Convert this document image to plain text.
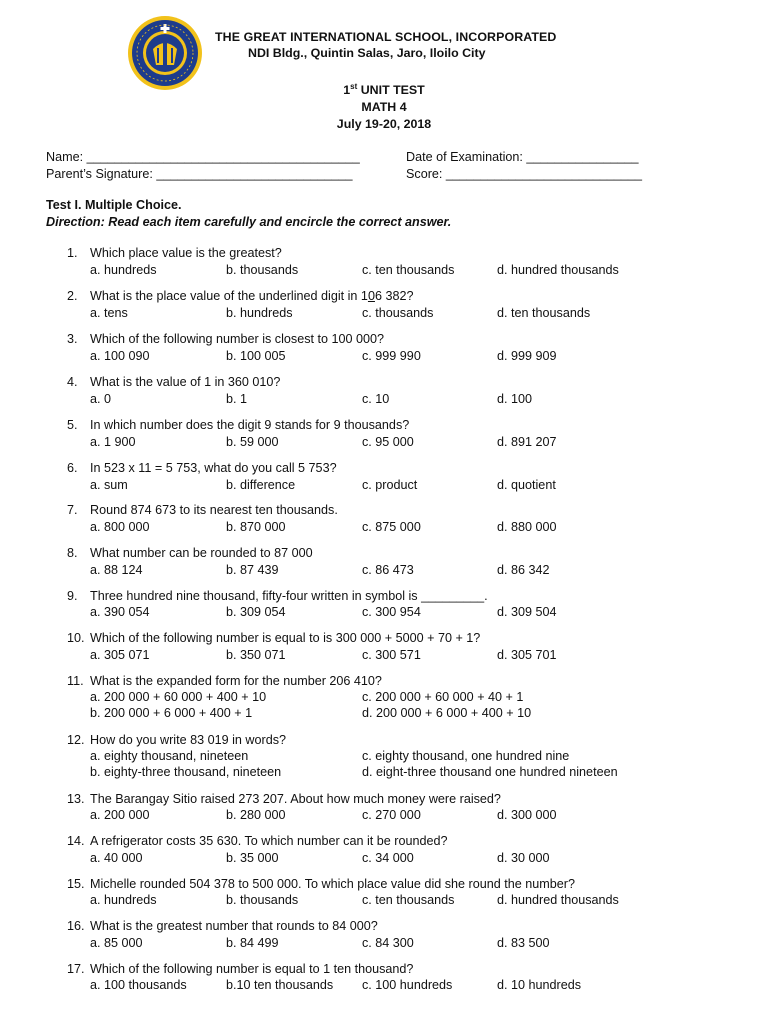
THE GREAT INTERNATIONAL SCHOOL, INCORPORATED
NDI Bldg., Quintin Salas, Jaro, Iloilo City
1st UNIT TEST
MATH 4
July 19-20, 2018
Name: _______________________________________	Date of Examination: ________________
Parent’s Signature: ____________________________	Score: ____________________________
Test I. Multiple Choice.
Direction: Read each item carefully and encircle the correct answer.
1. Which place value is the greatest?
a. hundreds	b. thousands	c. ten thousands	d. hundred thousands
2. What is the place value of the underlined digit in 106 382?
a. tens	b. hundreds	c. thousands	d. ten thousands
3. Which of the following number is closest to 100 000?
a. 100 090	b. 100 005	c. 999 990	d. 999 909
4. What is the value of 1 in 360 010?
a. 0	b. 1	c. 10	d. 100
5. In which number does the digit 9 stands for 9 thousands?
a. 1 900	b. 59 000	c. 95 000	d. 891 207
6. In 523 x 11 = 5 753, what do you call 5 753?
a. sum	b. difference	c. product	d. quotient
7. Round 874 673 to its nearest ten thousands.
a. 800 000	b. 870 000	c. 875 000	d. 880 000
8. What number can be rounded to 87 000
a. 88 124	b. 87 439	c. 86 473	d. 86 342
9. Three hundred nine thousand, fifty-four written in symbol is _________.
a. 390 054	b. 309 054	c. 300 954	d. 309 504
10. Which of the following number is equal to is 300 000 + 5000 + 70 + 1?
a. 305 071	b. 350 071	c. 300 571	d. 305 701
11. What is the expanded form for the number 206 410?
a. 200 000 + 60 000 + 400 + 10	c. 200 000 + 60 000 + 40 + 1
b. 200 000 + 6 000 + 400 + 1	d. 200 000 + 6 000 + 400 + 10
12. How do you write 83 019 in words?
a. eighty thousand, nineteen	c. eighty thousand, one hundred nine
b. eighty-three thousand, nineteen	d. eight-three thousand one hundred nineteen
13. The Barangay Sitio raised 273 207. About how much money were raised?
a. 200 000	b. 280 000	c. 270 000	d. 300 000
14. A refrigerator costs 35 630. To which number can it be rounded?
a. 40 000	b. 35 000	c. 34 000	d. 30 000
15. Michelle rounded 504 378 to 500 000. To which place value did she round the number?
a. hundreds	b. thousands	c. ten thousands	d. hundred thousands
16. What is the greatest number that rounds to 84 000?
a. 85 000	b. 84 499	c. 84 300	d. 83 500
17. Which of the following number is equal to 1 ten thousand?
a. 100 thousands	b.10 ten thousands c. 100 hundreds	d. 10 hundreds
